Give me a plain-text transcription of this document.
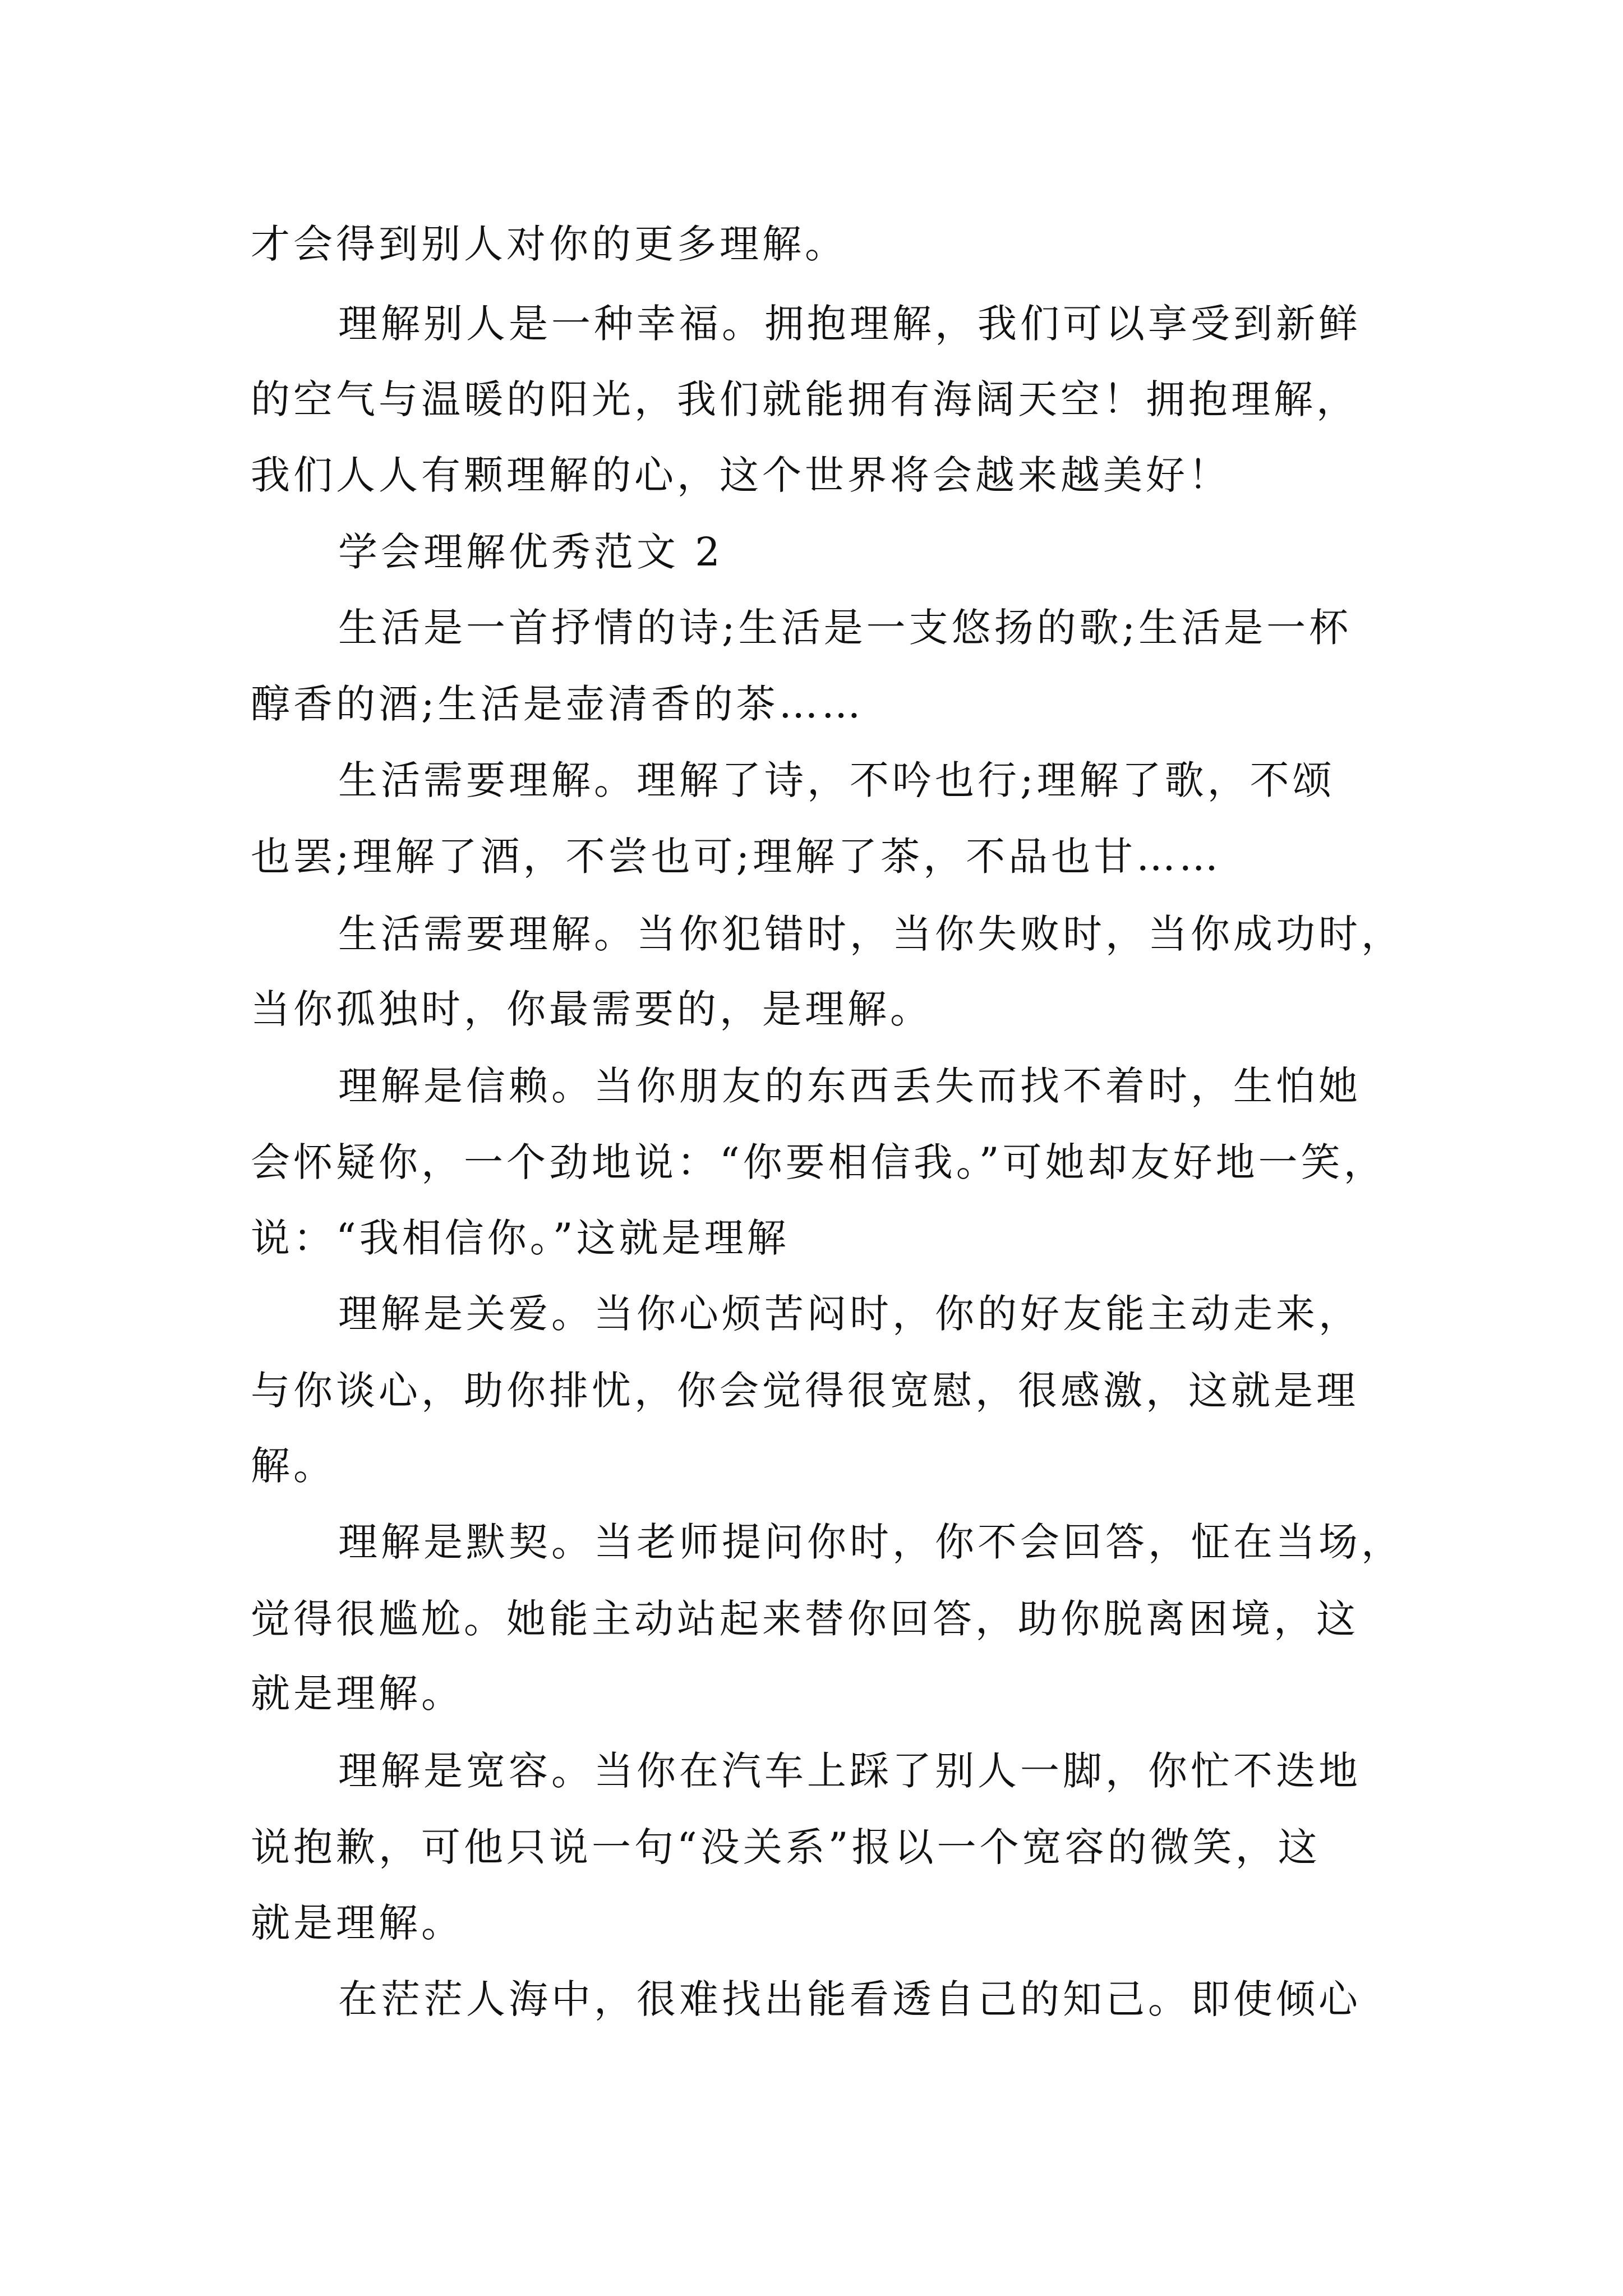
才会得到别人对你的更多理解。
理解别人是一种幸福。拥抱理解，我们可以享受到新鲜
的空气与温暖的阳光，我们就能拥有海阔天空！拥抱理解，
我们人人有颗理解的心，这个世界将会越来越美好！
学会理解优秀范文 2
生活是一首抒情的诗;生活是一支悠扬的歌;生活是一杯
醇香的酒;生活是壶清香的茶……
生活需要理解。理解了诗，不吟也行;理解了歌，不颂
也罢;理解了酒，不尝也可;理解了茶，不品也甘……
生活需要理解。当你犯错时，当你失败时，当你成功时，
当你孤独时，你最需要的，是理解。
理解是信赖。当你朋友的东西丢失而找不着时，生怕她
会怀疑你，一个劲地说：“你要相信我。”可她却友好地一笑，
说：“我相信你。”这就是理解
理解是关爱。当你心烦苦闷时，你的好友能主动走来，
与你谈心，助你排忧，你会觉得很宽慰，很感激，这就是理
解。
理解是默契。当老师提问你时，你不会回答，怔在当场，
觉得很尴尬。她能主动站起来替你回答，助你脱离困境，这
就是理解。
理解是宽容。当你在汽车上踩了别人一脚，你忙不迭地
说抱歉，可他只说一句“没关系”报以一个宽容的微笑，这
就是理解。
在茫茫人海中，很难找出能看透自己的知己。即使倾心
